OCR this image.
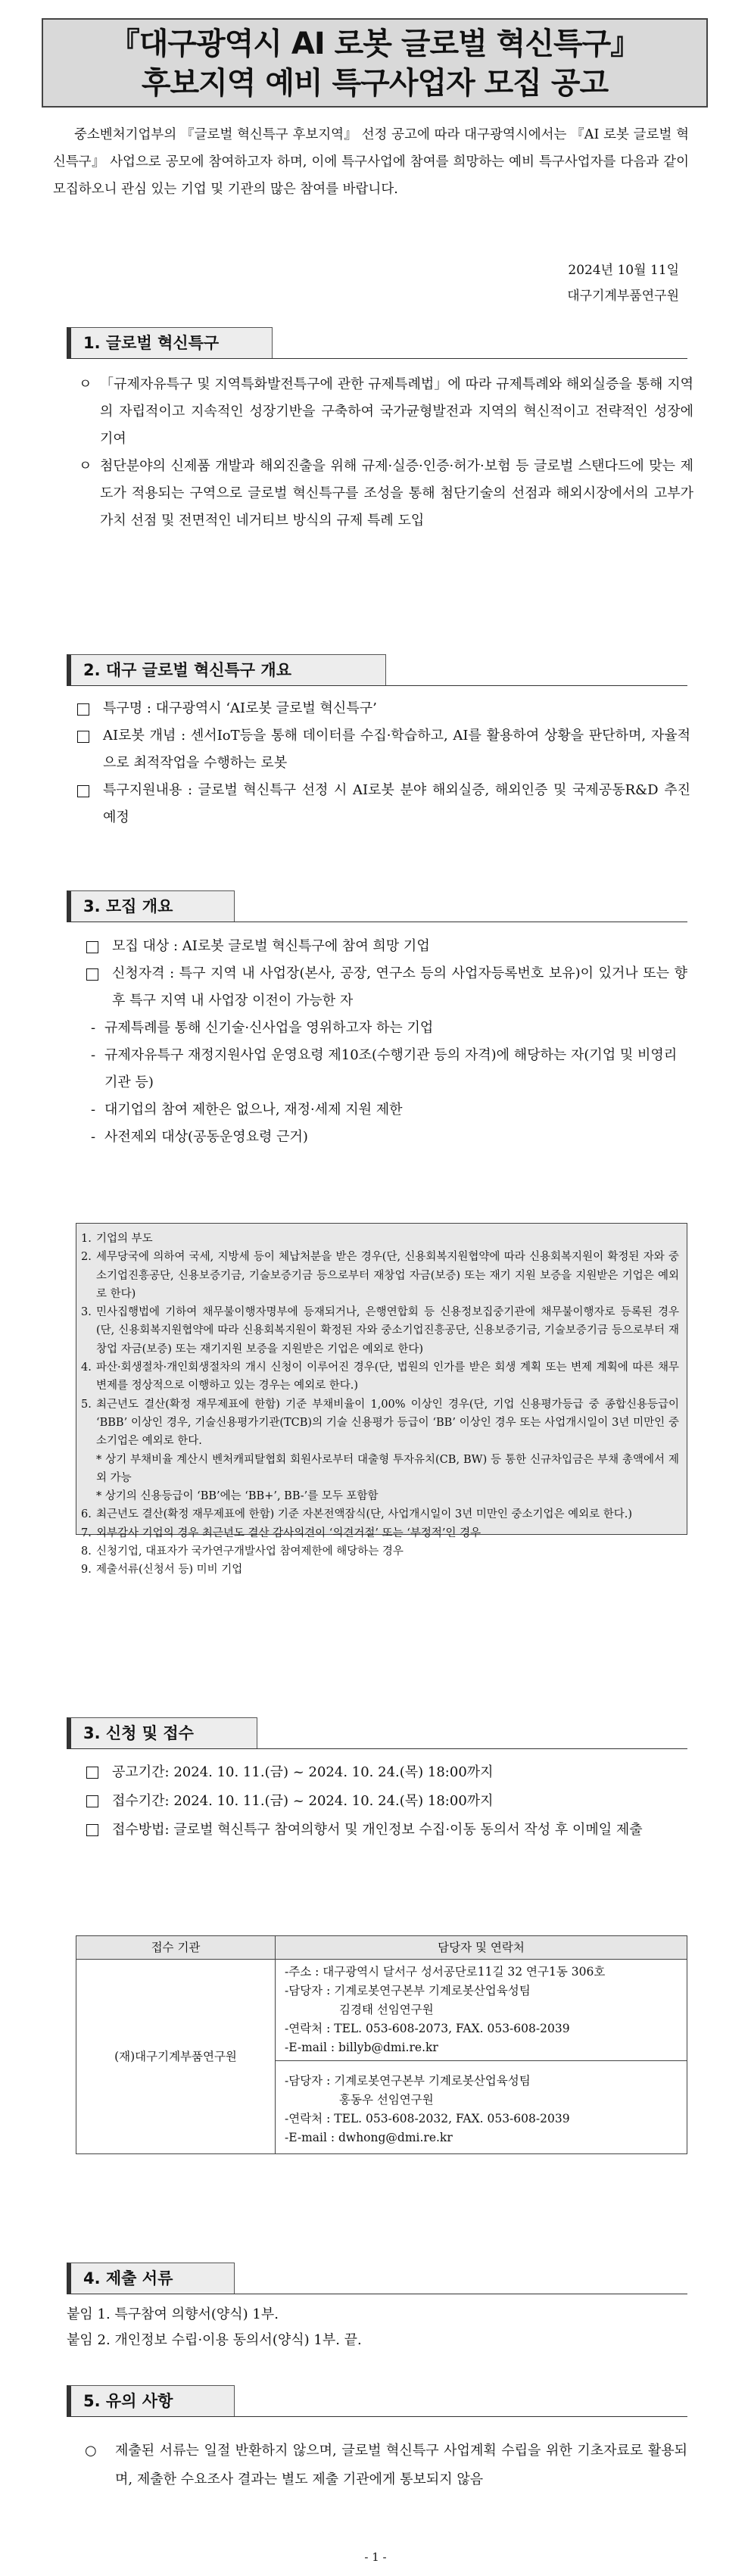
『대구광역시 AI 로봇 글로벌 혁신특구』
후보지역 예비 특구사업자 모집 공고
중소벤처기업부의 『글로벌 혁신특구 후보지역』 선정 공고에 따라 대구광역시에서는 『AI 로봇 글로벌 혁신특구』 사업으로 공모에 참여하고자 하며, 이에 특구사업에 참여를 희망하는 예비 특구사업자를 다음과 같이 모집하오니 관심 있는 기업 및 기관의 많은 참여를 바랍니다.
2024년 10월 11일
대구기계부품연구원
1. 글로벌 혁신특구
ㅇ 「규제자유특구 및 지역특화발전특구에 관한 규제특례법」에 따라 규제특례와 해외실증을 통해 지역의 자립적이고 지속적인 성장기반을 구축하여 국가균형발전과 지역의 혁신적이고 전략적인 성장에 기여
ㅇ 첨단분야의 신제품 개발과 해외진출을 위해 규제·실증·인증·허가·보험 등 글로벌 스탠다드에 맞는 제도가 적용되는 구역으로 글로벌 혁신특구를 조성을 통해 첨단기술의 선점과 해외시장에서의 고부가가치 선점 및 전면적인 네거티브 방식의 규제 특례 도입
2. 대구 글로벌 혁신특구 개요
특구명 : 대구광역시 ‘AI로봇 글로벌 혁신특구’
AI로봇 개념 : 센서IoT등을 통해 데이터를 수집·학습하고, AI를 활용하여 상황을 판단하며, 자율적으로 최적작업을 수행하는 로봇
특구지원내용 : 글로벌 혁신특구 선정 시 AI로봇 분야 해외실증, 해외인증 및 국제공동R&D 추진 예정
3. 모집 개요
모집 대상 : AI로봇 글로벌 혁신특구에 참여 희망 기업
신청자격 : 특구 지역 내 사업장(본사, 공장, 연구소 등의 사업자등록번호 보유)이 있거나 또는 향후 특구 지역 내 사업장 이전이 가능한 자
- 규제특례를 통해 신기술·신사업을 영위하고자 하는 기업
- 규제자유특구 재정지원사업 운영요령 제10조(수행기관 등의 자격)에 해당하는 자(기업 및 비영리기관 등)
- 대기업의 참여 제한은 없으나, 재정·세제 지원 제한
- 사전제외 대상(공동운영요령 근거)
1. 기업의 부도
2. 세무당국에 의하여 국세, 지방세 등이 체납처분을 받은 경우(단, 신용회복지원협약에 따라 신용회복지원이 확정된 자와 중소기업진흥공단, 신용보증기금, 기술보증기금 등으로부터 재창업 자금(보증) 또는 재기 지원 보증을 지원받은 기업은 예외로 한다)
3. 민사집행법에 기하여 채무불이행자명부에 등재되거나, 은행연합회 등 신용정보집중기관에 채무불이행자로 등록된 경우(단, 신용회복지원협약에 따라 신용회복지원이 확정된 자와 중소기업진흥공단, 신용보증기금, 기술보증기금 등으로부터 재창업 자금(보증) 또는 재기지원 보증을 지원받은 기업은 예외로 한다)
4. 파산·회생절차·개인회생절차의 개시 신청이 이루어진 경우(단, 법원의 인가를 받은 회생 계획 또는 변제 계획에 따른 채무변제를 정상적으로 이행하고 있는 경우는 예외로 한다.)
5. 최근년도 결산(확정 재무제표에 한함) 기준 부채비율이 1,00% 이상인 경우(단, 기업 신용평가등급 중 종합신용등급이 ‘BBB’ 이상인 경우, 기술신용평가기관(TCB)의 기술 신용평가 등급이 ‘BB’ 이상인 경우 또는 사업개시일이 3년 미만인 중소기업은 예외로 한다.
* 상기 부채비율 계산시 벤처캐피탈협회 회원사로부터 대출형 투자유치(CB, BW) 등 통한 신규차입금은 부채 총액에서 제외 가능
* 상기의 신용등급이 ‘BB’에는 ‘BB+’, BB-’를 모두 포함함
6. 최근년도 결산(확정 재무제표에 한함) 기준 자본전액잠식(단, 사업개시일이 3년 미만인 중소기업은 예외로 한다.)
7. 외부감사 기업의 경우 최근년도 결산 감사의견이 ‘의견거절’ 또는 ‘부정적’인 경우
8. 신청기업, 대표자가 국가연구개발사업 참여제한에 해당하는 경우
9. 제출서류(신청서 등) 미비 기업
3. 신청 및 접수
공고기간: 2024. 10. 11.(금) ~ 2024. 10. 24.(목) 18:00까지
접수기간: 2024. 10. 11.(금) ~ 2024. 10. 24.(목) 18:00까지
접수방법: 글로벌 혁신특구 참여의향서 및 개인정보 수집·이동 동의서 작성 후 이메일 제출
접수 기관	담당자 및 연락처
(재)대구기계부품연구원	-주소 : 대구광역시 달서구 성서공단로11길 32 연구1동 306호
-담당자 : 기계로봇연구본부 기계로봇산업육성팀
김경태 선임연구원
-연락처 : TEL. 053-608-2073, FAX. 053-608-2039
-E-mail : billyb@dmi.re.kr

	-담당자 : 기계로봇연구본부 기계로봇산업육성팀
홍동우 선임연구원
-연락처 : TEL. 053-608-2032, FAX. 053-608-2039
-E-mail : dwhong@dmi.re.kr
4. 제출 서류
붙임 1. 특구참여 의향서(양식) 1부.
붙임 2. 개인정보 수립·이용 동의서(양식) 1부. 끝.
5. 유의 사항
○ 제출된 서류는 일절 반환하지 않으며, 글로벌 혁신특구 사업계획 수립을 위한 기초자료로 활용되며, 제출한 수요조사 결과는 별도 제출 기관에게 통보되지 않음
- 1 -
